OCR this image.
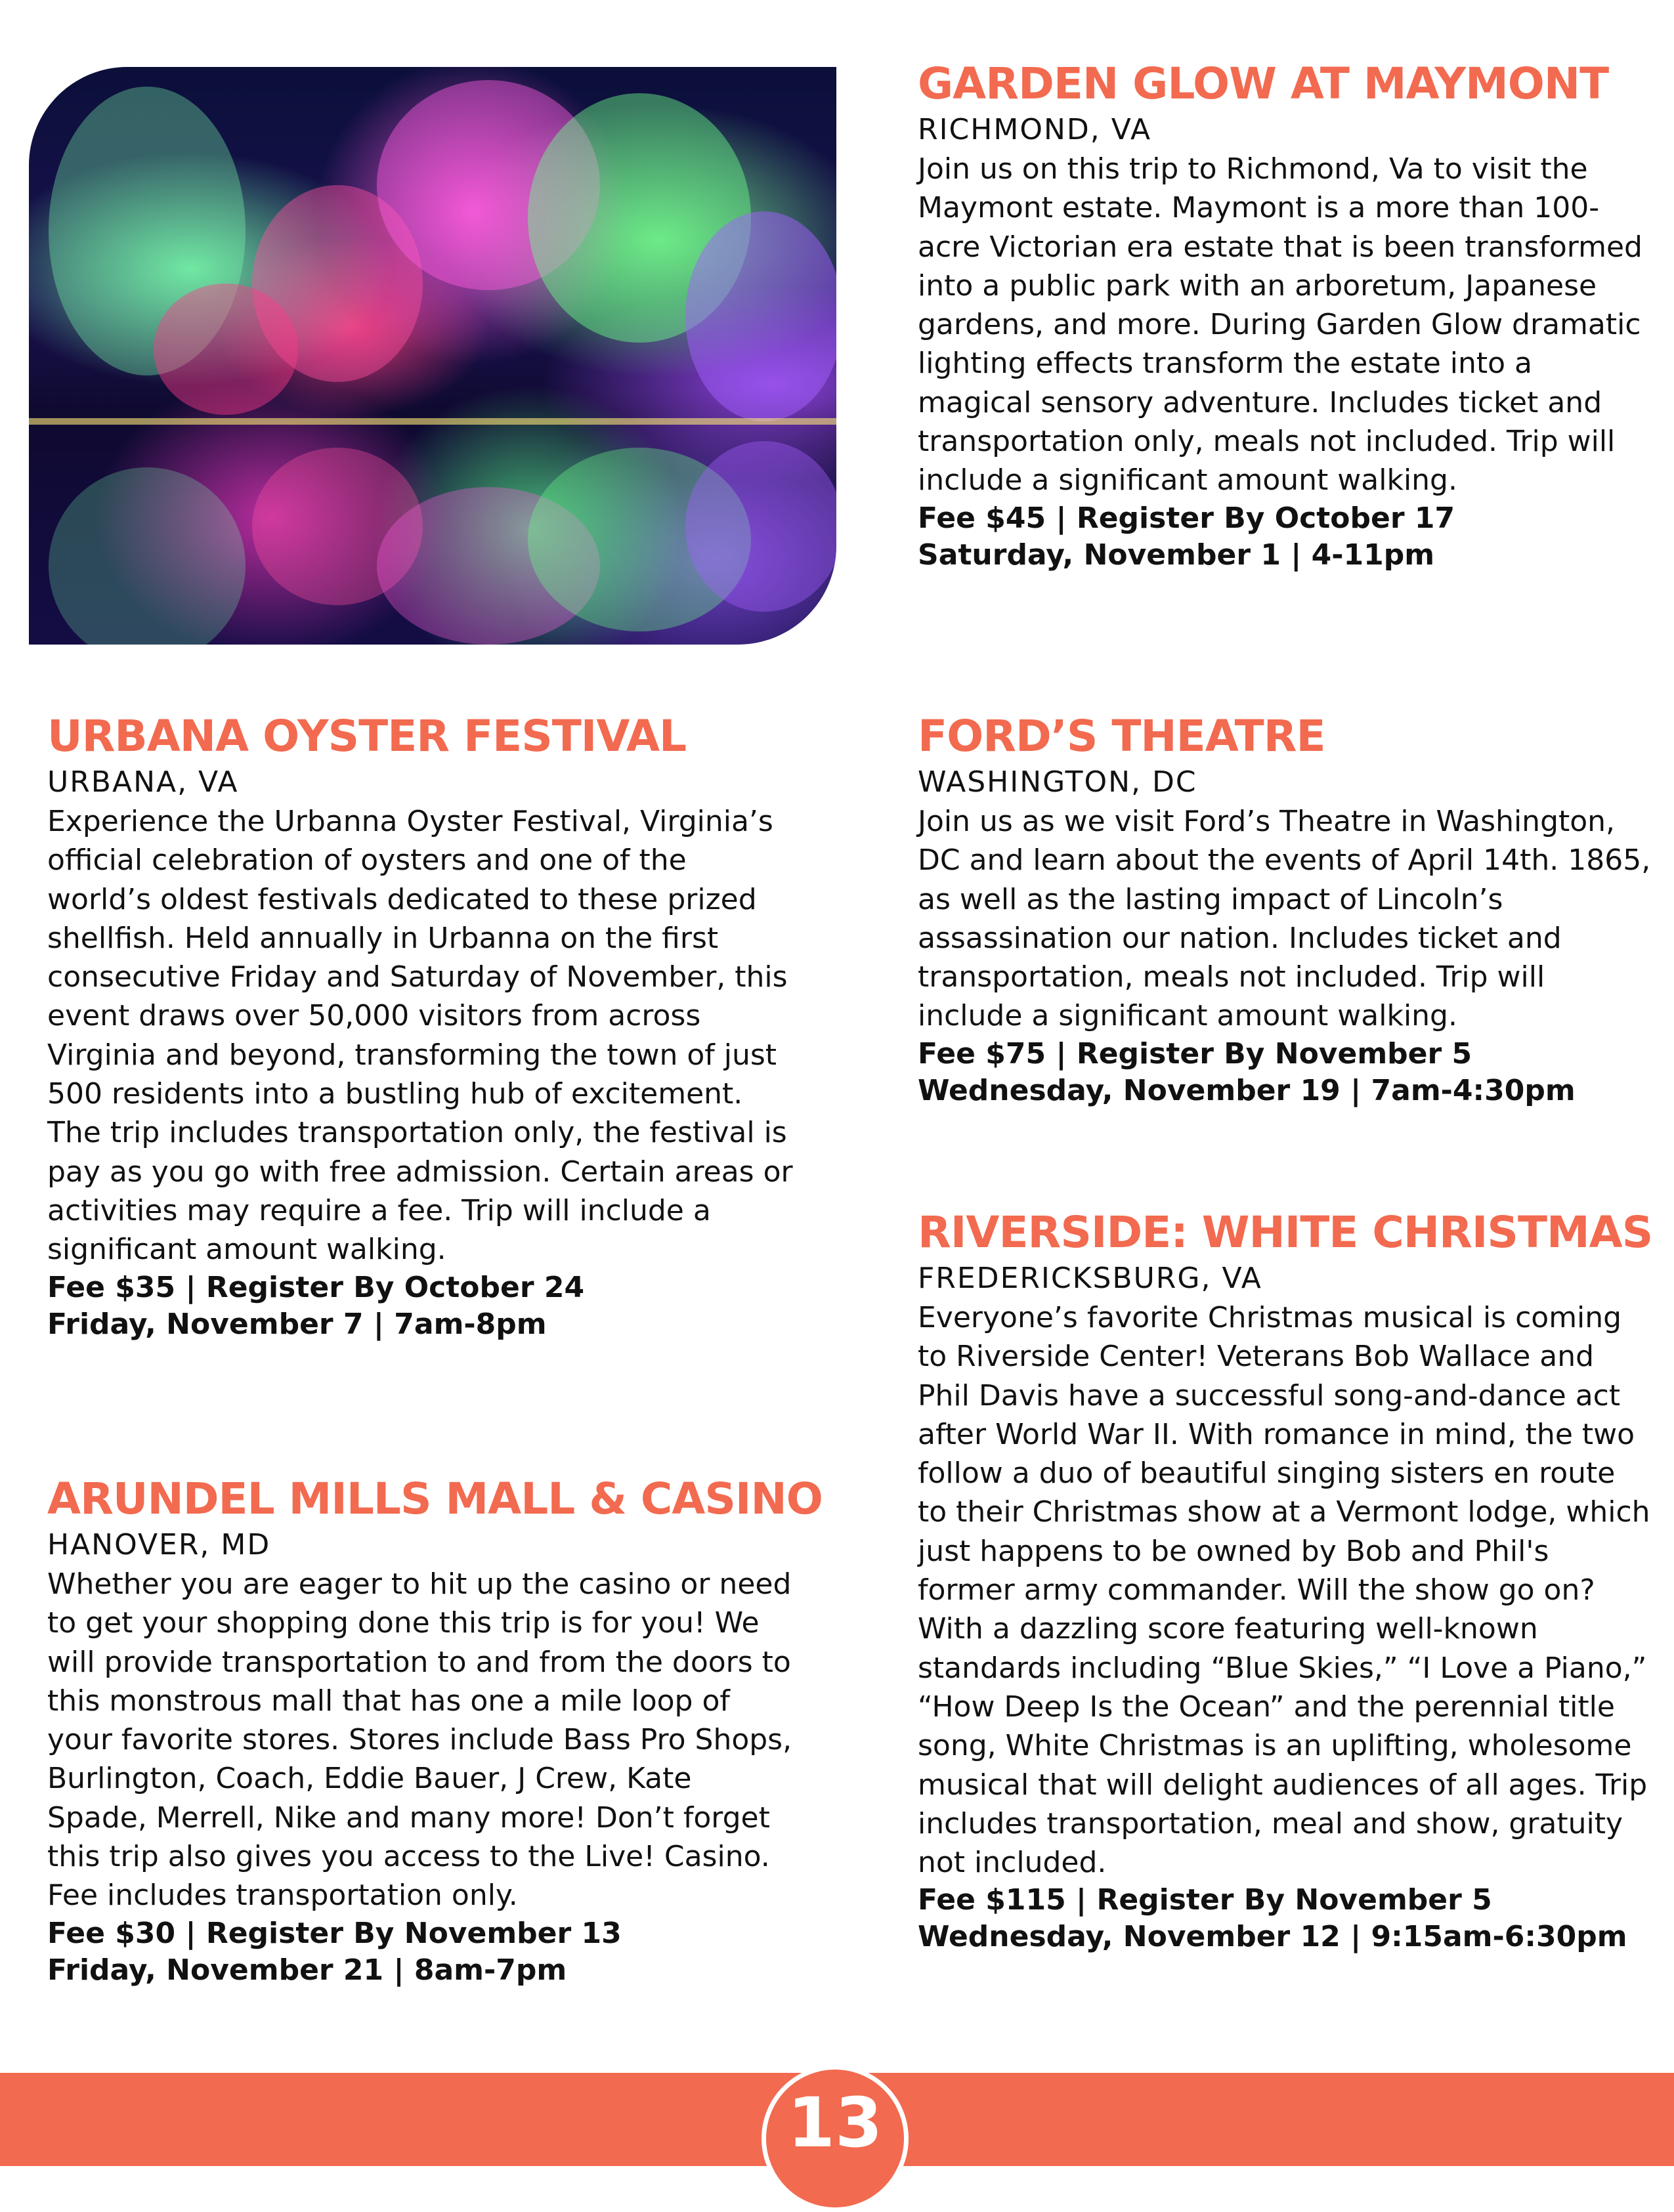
GARDEN GLOW AT MAYMONT

RICHMOND, VA

Join us on this trip to Richmond, Va to visit the Maymont estate. Maymont is a more than 100-acre Victorian era estate that is been transformed into a public park with an arboretum, Japanese gardens, and more. During Garden Glow dramatic lighting effects transform the estate into a magical sensory adventure. Includes ticket and transportation only, meals not included. Trip will include a significant amount walking.

Fee $45 | Register By October 17

Saturday, November 1 | 4-11pm

URBANA OYSTER FESTIVAL

URBANA, VA

Experience the Urbanna Oyster Festival, Virginia’s official celebration of oysters and one of the world’s oldest festivals dedicated to these prized shellfish. Held annually in Urbanna on the first consecutive Friday and Saturday of November, this event draws over 50,000 visitors from across Virginia and beyond, transforming the town of just 500 residents into a bustling hub of excitement. The trip includes transportation only, the festival is pay as you go with free admission. Certain areas or activities may require a fee. Trip will include a significant amount walking.

Fee $35 | Register By October 24

Friday, November 7 | 7am-8pm

FORD’S THEATRE

WASHINGTON, DC

Join us as we visit Ford’s Theatre in Washington, DC and learn about the events of April 14th. 1865, as well as the lasting impact of Lincoln’s assassination our nation. Includes ticket and transportation, meals not included. Trip will include a significant amount walking.

Fee $75 | Register By November 5

Wednesday, November 19 | 7am-4:30pm

ARUNDEL MILLS MALL & CASINO

HANOVER, MD

Whether you are eager to hit up the casino or need to get your shopping done this trip is for you! We will provide transportation to and from the doors to this monstrous mall that has one a mile loop of your favorite stores. Stores include Bass Pro Shops, Burlington, Coach, Eddie Bauer, J Crew, Kate Spade, Merrell, Nike and many more! Don’t forget this trip also gives you access to the Live! Casino. Fee includes transportation only.

Fee $30 | Register By November 13

Friday, November 21 | 8am-7pm

RIVERSIDE: WHITE CHRISTMAS

FREDERICKSBURG, VA

Everyone’s favorite Christmas musical is coming to Riverside Center! Veterans Bob Wallace and Phil Davis have a successful song-and-dance act after World War II. With romance in mind, the two follow a duo of beautiful singing sisters en route to their Christmas show at a Vermont lodge, which just happens to be owned by Bob and Phil's former army commander. Will the show go on? With a dazzling score featuring well-known standards including “Blue Skies,” “I Love a Piano,” “How Deep Is the Ocean” and the perennial title song, White Christmas is an uplifting, wholesome musical that will delight audiences of all ages. Trip includes transportation, meal and show, gratuity not included.

Fee $115 | Register By November 5

Wednesday, November 12 | 9:15am-6:30pm

13
